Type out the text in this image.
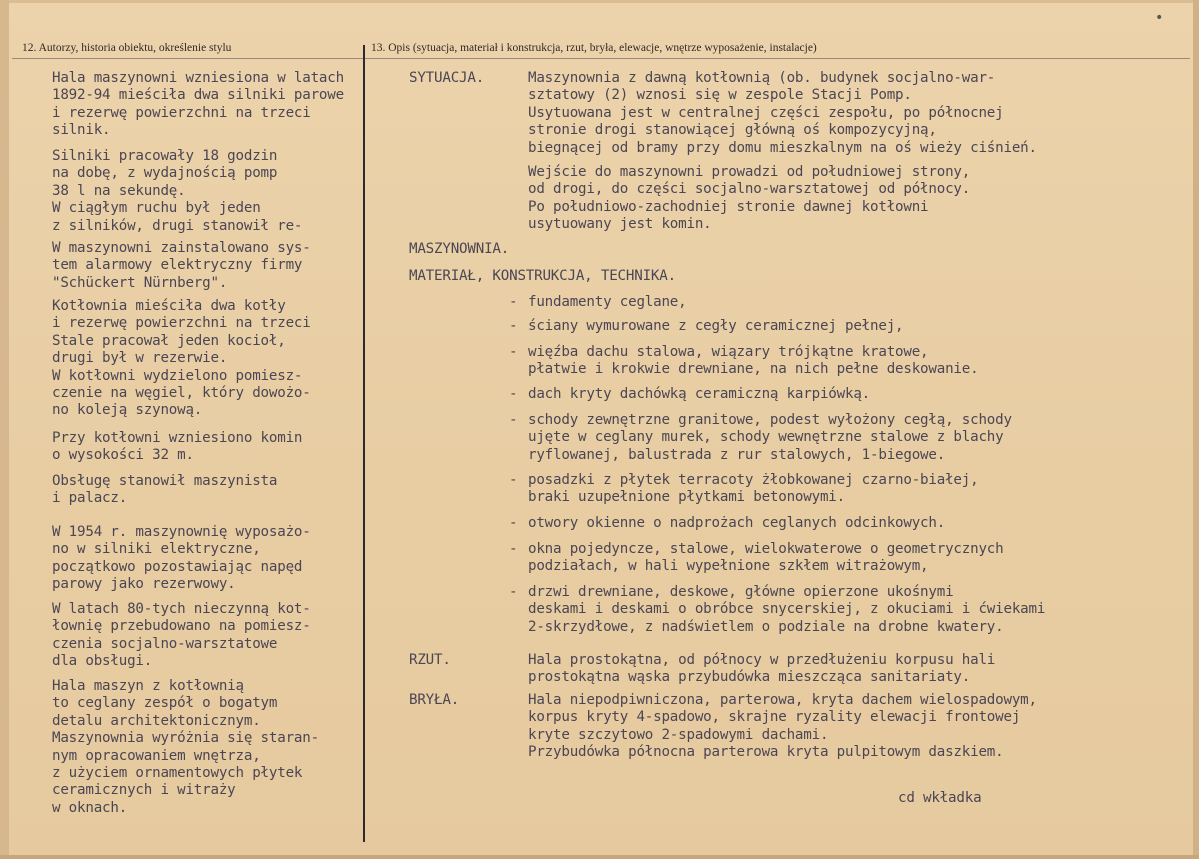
•
12. Autorzy, historia obiektu, określenie stylu	13. Opis (sytuacja, materiał i konstrukcja, rzut, bryła, elewacje, wnętrze wyposażenie, instalacje)
Hala maszynowni wzniesiona w latach
1892-94 mieściła dwa silniki parowe
i rezerwę powierzchni na trzeci
silnik.
Silniki pracowały 18 godzin
na dobę, z wydajnością pomp
38 l na sekundę.
W ciągłym ruchu był jeden
z silników, drugi stanowił re-
W maszynowni zainstalowano sys-
tem alarmowy elektryczny firmy
"Schückert Nürnberg".
Kotłownia mieściła dwa kotły
i rezerwę powierzchni na trzeci
Stale pracował jeden kocioł,
drugi był w rezerwie.
W kotłowni wydzielono pomiesz-
czenie na węgiel, który dowożo-
no koleją szynową.
Przy kotłowni wzniesiono komin
o wysokości 32 m.
Obsługę stanowił maszynista
i palacz.
W 1954 r. maszynownię wyposażo-
no w silniki elektryczne,
początkowo pozostawiając napęd
parowy jako rezerwowy.
W latach 80-tych nieczynną kot-
łownię przebudowano na pomiesz-
czenia socjalno-warsztatowe
dla obsługi.
Hala maszyn z kotłownią
to ceglany zespół o bogatym
detalu architektonicznym.
Maszynownia wyróżnia się staran-
nym opracowaniem wnętrza,
z użyciem ornamentowych płytek
ceramicznych i witraży
w oknach.
SYTUACJA.	Maszynownia z dawną kotłownią (ob. budynek socjalno-war-
sztatowy (2) wznosi się w zespole Stacji Pomp.
Usytuowana jest w centralnej części zespołu, po północnej
stronie drogi stanowiącej główną oś kompozycyjną,
biegnącej od bramy przy domu mieszkalnym na oś wieży ciśnień.
Wejście do maszynowni prowadzi od południowej strony,
od drogi, do części socjalno-warsztatowej od północy.
Po południowo-zachodniej stronie dawnej kotłowni
usytuowany jest komin.
MASZYNOWNIA.
MATERIAŁ, KONSTRUKCJA, TECHNIKA.
- fundamenty ceglane,
- ściany wymurowane z cegły ceramicznej pełnej,
- więźba dachu stalowa, wiązary trójkątne kratowe,
płatwie i krokwie drewniane, na nich pełne deskowanie.
- dach kryty dachówką ceramiczną karpiówką.
- schody zewnętrzne granitowe, podest wyłożony cegłą, schody
ujęte w ceglany murek, schody wewnętrzne stalowe z blachy
ryflowanej, balustrada z rur stalowych, 1-biegowe.
- posadzki z płytek terracoty żłobkowanej czarno-białej,
braki uzupełnione płytkami betonowymi.
- otwory okienne o nadprożach ceglanych odcinkowych.
- okna pojedyncze, stalowe, wielokwaterowe o geometrycznych
podziałach, w hali wypełnione szkłem witrażowym,
- drzwi drewniane, deskowe, główne opierzone ukośnymi
deskami i deskami o obróbce snycerskiej, z okuciami i ćwiekami
2-skrzydłowe, z nadświetlem o podziale na drobne kwatery.
RZUT.	Hala prostokątna, od północy w przedłużeniu korpusu hali
prostokątna wąska przybudówka mieszcząca sanitariaty.
BRYŁA.	Hala niepodpiwniczona, parterowa, kryta dachem wielospadowym,
korpus kryty 4-spadowo, skrajne ryzality elewacji frontowej
kryte szczytowo 2-spadowymi dachami.
Przybudówka północna parterowa kryta pulpitowym daszkiem.
cd wkładka
